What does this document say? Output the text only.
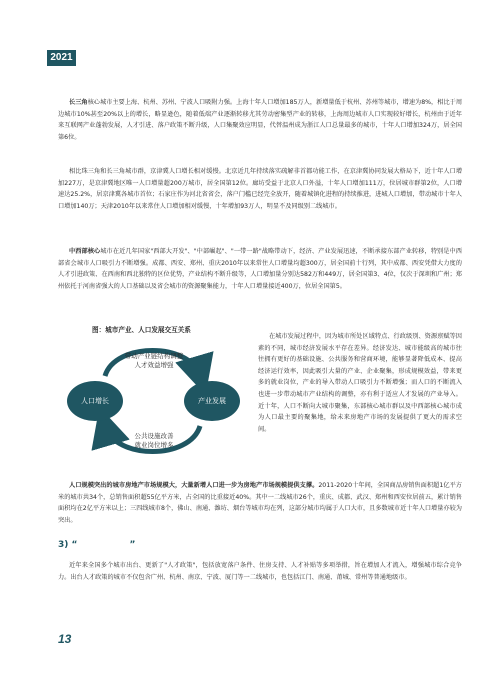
2021

长三角核心城市主要上海、杭州、苏州、宁波人口吸附力强。上海十年人口增加185万人，新增量低于杭州、苏州等城市，增速为8%，相比于周边城市10%甚至20%以上的增长，略显逊色，随着低端产业逐渐转移尤其劳动密集型产业的转移，上海周边城市人口实现较好增长，杭州由于近年来互联网产业蓬勃发展，人才引进、落户政策不断升级，人口集聚效应明显，代替温州成为浙江人口总量最多的城市，十年人口增加324万，居全国第6位。

相比珠三角和长三角城市群，京津冀人口增长相对缓慢。北京近几年持续落实疏解非首都功能工作，在京津冀协同发展大格局下，近十年人口增加227万，是京津冀地区唯一人口增量超200万城市，居全国第12位。廊坊受益于北京人口外溢，十年人口增加111万，位居城市群第2位，人口增速达25.2%，居京津冀各城市首位；石家庄作为河北省省会，落户门槛已经完全放开，随着城镇化进程的持续推进，进城人口增加，带动城市十年人口增加140万；天津2010年以来常住人口增加相对缓慢，十年增加93万人，明显不及同级别二线城市。

中西部核心城市在近几年国家"西部大开发"、"中部崛起"、"一带一路"战略带动下，经济、产业发展迅速，不断承接东部产业转移，特别是中西部省会城市人口吸引力不断增强。成都、西安、郑州、重庆2010年以来常住人口增量均超300万，居全国前十行列，其中成都、西安凭借大力度的人才引进政策、在西南和西北独特的区位优势，产业结构不断升级等，人口增加量分别达582万和449万，居全国第3、4位，仅次于深圳和广州；郑州依托于河南省强大的人口基础以及省会城市的资源聚集能力，十年人口增量接近400万，位居全国第5。

图：城市产业、人口发展交互关系
人口增长	产业发展
带动产业链结构调整
人才效益增强
公共设施改善
就业岗位增多

在城市发展过程中，因为城市所处区域特点、行政级别、资源禀赋等因素的不同，城市经济发展水平存在差异。经济发达、城市能级高的城市往往拥有更好的基础设施、公共服务和营商环境，能够显著降低成本、提高经济运行效率，因此吸引大量的产业、企业聚集，形成规模效益，带来更多的就业岗位，产业的导入带动人口吸引力不断增强；而人口的不断流入也进一步带动城市产业结构的调整，亦有利于适应人才发展的产业导入。近十年，人口不断向大城市聚集，东部核心城市群以及中西部核心城市成为人口最主要的聚集地，给未来房地产市场的发展提供了更大的需求空间。

人口规模突出的城市房地产市场规模大，大量新增人口进一步为房地产市场规模提供支撑。2011-2020十年间，全国商品房销售面积超1亿平方米的城市共34个，总销售面积超55亿平方米，占全国的比重接近40%。其中一二线城市26个，重庆、成都、武汉、郑州和西安位居前五，累计销售面积均在2亿平方米以上；三四线城市8个，佛山、南通、潍坊、烟台等城市均在列，这部分城市均属于人口大市，且多数城市近十年人口增量亦较为突出。

3) “	”

近年来全国多个城市出台、更新了"人才政策"，包括放宽落户条件、住房支持、人才补贴等多项举措，旨在增加人才流入，增强城市综合竞争力。出台人才政策的城市不仅包含广州、杭州、南京、宁波、厦门等一二线城市，也包括江门、南通、莆城、常州等普通地级市。

13
